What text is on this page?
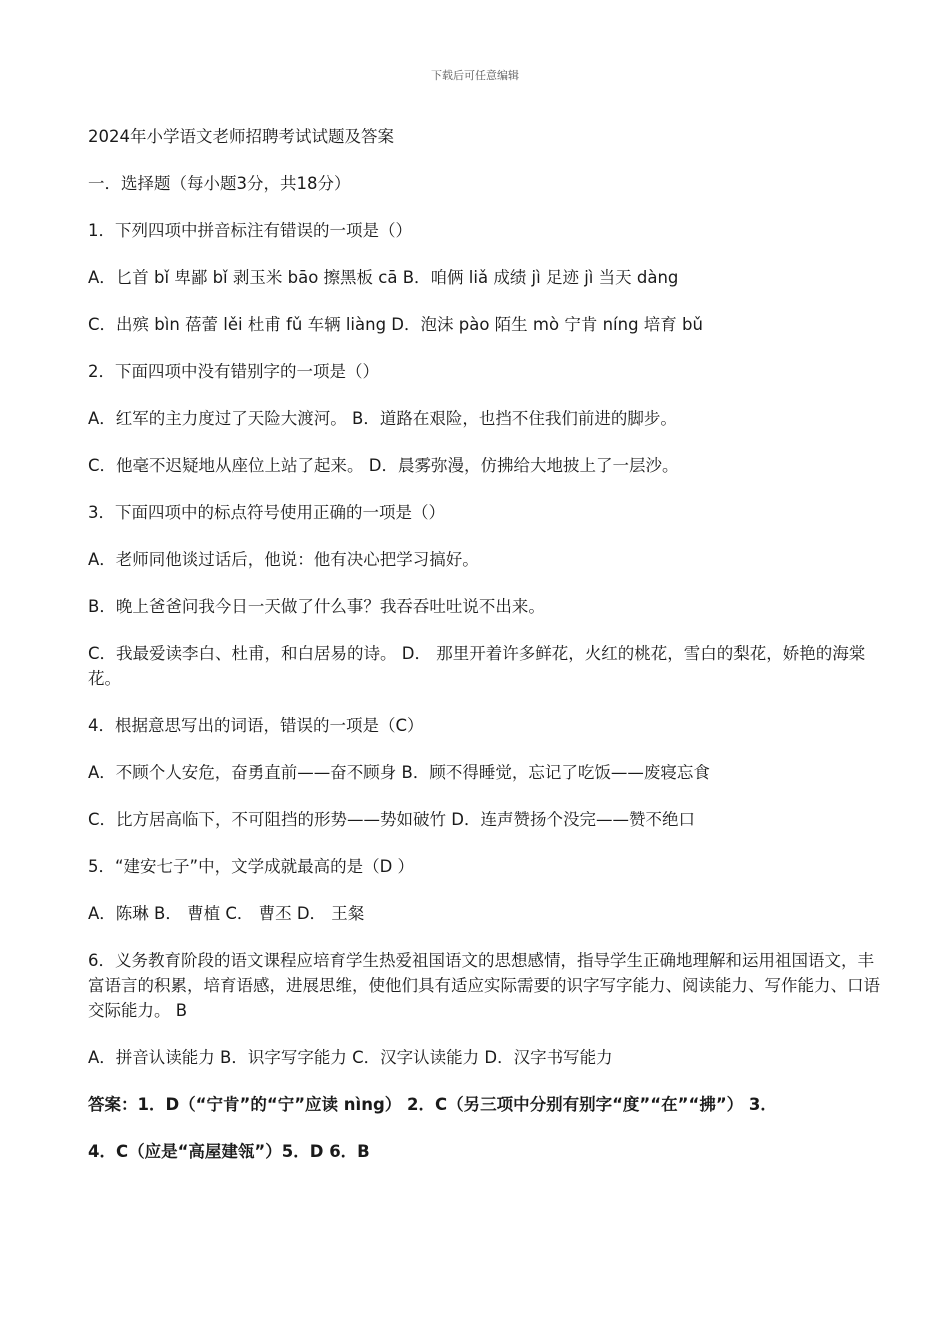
下载后可任意编辑

2024年小学语文老师招聘考试试题及答案

一．选择题（每小题3分，共18分）

1．下列四项中拼音标注有错误的一项是（）

A．匕首 bǐ 卑鄙 bǐ 剥玉米 bāo 擦黑板 cā B．咱俩 liǎ 成绩 jì 足迹 jì 当天 dàng

C．出殡 bìn 蓓蕾 lěi 杜甫 fǔ 车辆 liàng D．泡沫 pào 陌生 mò 宁肯 níng 培育 bǔ

2．下面四项中没有错别字的一项是（）

A．红军的主力度过了天险大渡河。 B．道路在艰险，也挡不住我们前进的脚步。

C．他毫不迟疑地从座位上站了起来。 D．晨雾弥漫，仿拂给大地披上了一层沙。

3．下面四项中的标点符号使用正确的一项是（）

A．老师同他谈过话后，他说：他有决心把学习搞好。

B．晚上爸爸问我今日一天做了什么事？我吞吞吐吐说不出来。

C．我最爱读李白、杜甫，和白居易的诗。 D． 那里开着许多鲜花，火红的桃花，雪白的梨花，娇艳的海棠花。

4．根据意思写出的词语，错误的一项是（C）

A．不顾个人安危，奋勇直前——奋不顾身 B．顾不得睡觉，忘记了吃饭——废寝忘食

C．比方居高临下，不可阻挡的形势——势如破竹 D．连声赞扬个没完——赞不绝口

5．“建安七子”中，文学成就最高的是（D ）

A．陈琳 B． 曹植 C． 曹丕 D． 王粲

6．义务教育阶段的语文课程应培育学生热爱祖国语文的思想感情，指导学生正确地理解和运用祖国语文，丰富语言的积累，培育语感，进展思维，使他们具有适应实际需要的识字写字能力、阅读能力、写作能力、口语交际能力。 B

A．拼音认读能力 B．识字写字能力 C．汉字认读能力 D．汉字书写能力

答案：1．D（“宁肯”的“宁”应读 nìng） 2．C（另三项中分别有别字“度”“在”“拂”） 3．

4．C（应是“高屋建瓴”）5．D 6．B
